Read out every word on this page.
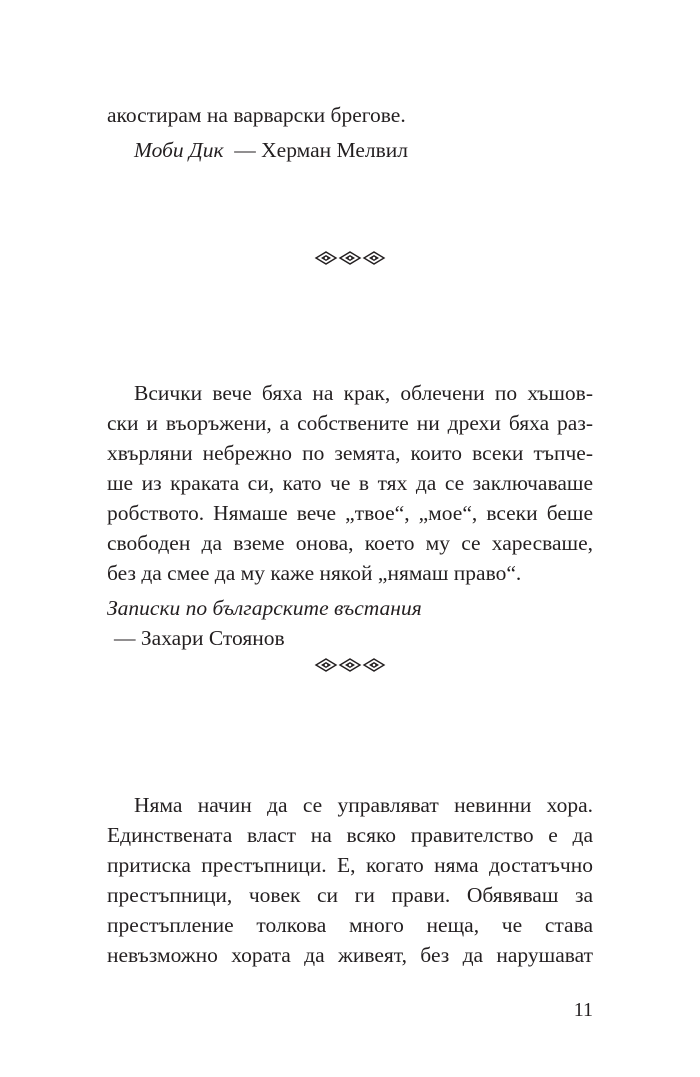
акостирам на варварски брегове.
Моби Дик — Херман Мелвил
Всички вече бяха на крак, облечени по хъшов-
ски и въоръжени, а собствените ни дрехи бяха раз-
хвърляни небрежно по земята, които всеки тъпче-
ше из краката си, като че в тях да се заключаваше
робството. Нямаше вече „твое“, „мое“, всеки беше
свободен да вземе онова, което му се харесваше,
без да смее да му каже някой „нямаш право“.
Записки по българските въстания
— Захари Стоянов
Няма начин да се управляват невинни хора.
Единствената власт на всяко правителство е да
притиска престъпници. Е, когато няма достатъчно
престъпници, човек си ги прави. Обявяваш за
престъпление толкова много неща, че става
невъзможно хората да живеят, без да нарушават
11
